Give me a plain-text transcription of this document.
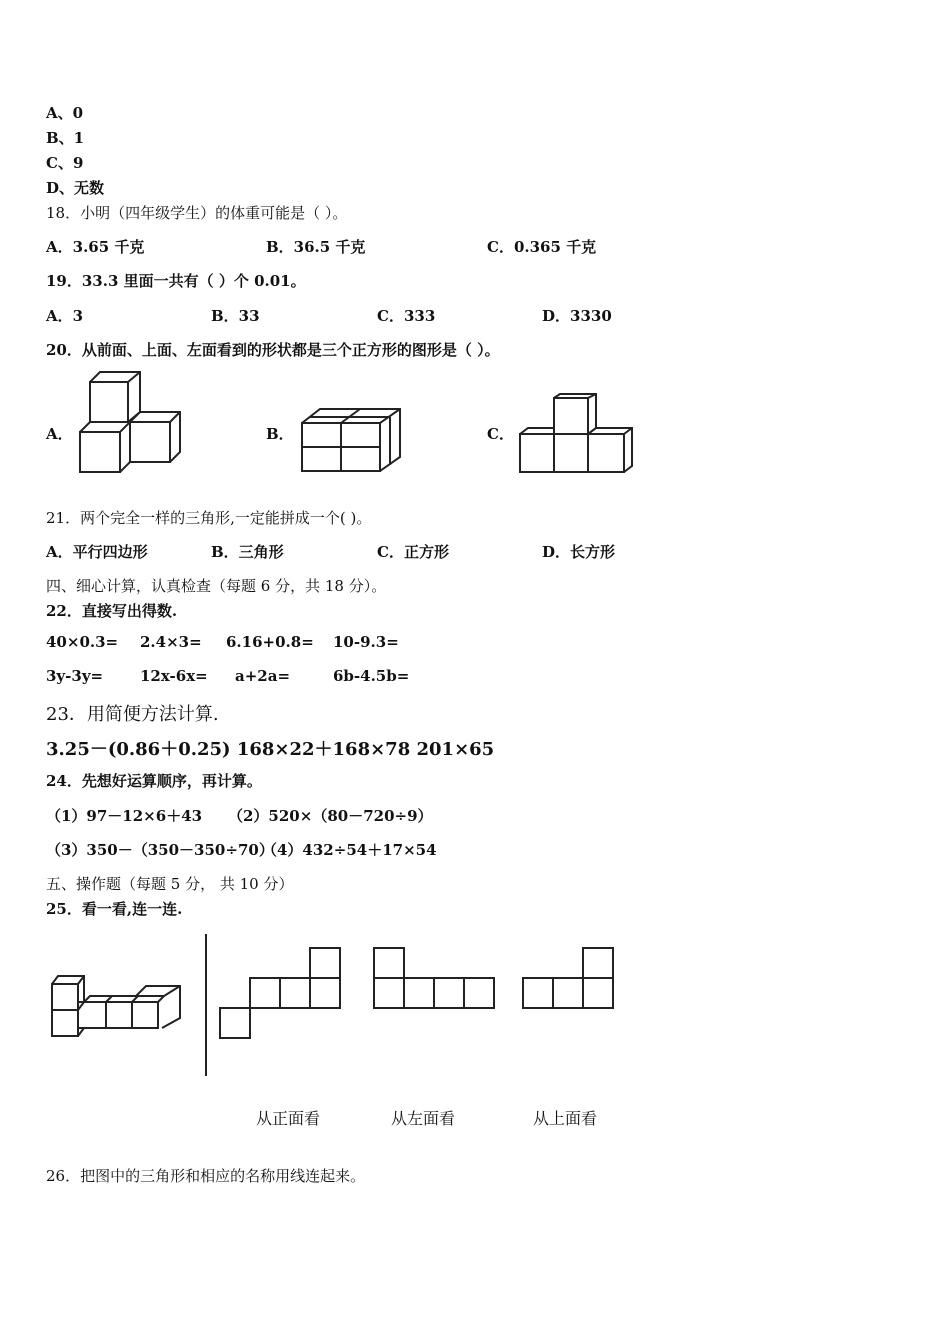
A、0
B、1
C、9
D、无数
18．小明（四年级学生）的体重可能是（ ）。
A．3.65 千克	B．36.5 千克	C．0.365 千克
19．33.3 里面一共有（ ）个 0.01。
A．3	B．33	C．333	D．3330
20．从前面、上面、左面看到的形状都是三个正方形的图形是（ ）。
A．	B．	C．
21．两个完全一样的三角形,一定能拼成一个( )。
A．平行四边形	B．三角形	C．正方形	D．长方形
四、细心计算，认真检查（每题 6 分，共 18 分）。
22．直接写出得数.
40×0.3= 2.4×3= 6.16+0.8= 10-9.3=
3y-3y= 12x-6x= a+2a=	6b-4.5b=
23．用简便方法计算.
3.25－(0.86＋0.25) 168×22＋168×78 201×65
24．先想好运算顺序，再计算。
（1）97－12×6＋43 （2）520×（80－720÷9）
（3）350－（350－350÷70）
（4）432÷54＋17×54
五、操作题（每题 5 分， 共 10 分）
25．看一看,连一连.
从正面看	从左面看	从上面看
26．把图中的三角形和相应的名称用线连起来。
